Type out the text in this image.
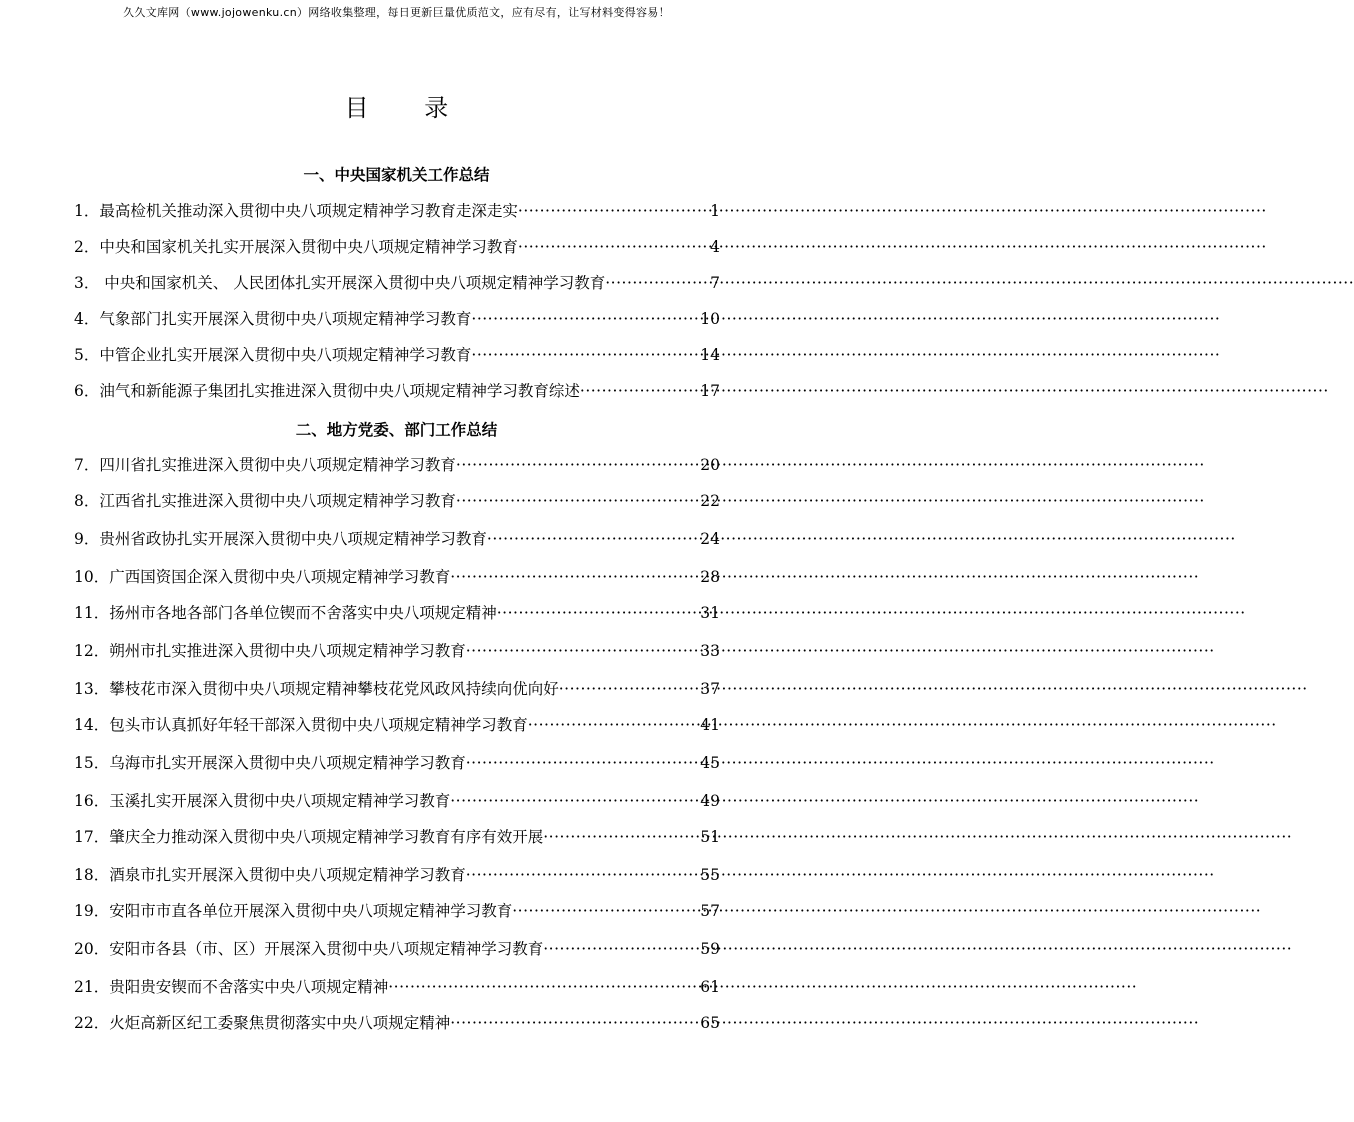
久久文库网（www.jojowenku.cn）网络收集整理，每日更新巨量优质范文，应有尽有，让写材料变得容易！
目 录
一、中央国家机关工作总结
1． 最高检机关推动深入贯彻中央八项规定精神学习教育走深走实 ·····	1
2． 中央和国家机关扎实开展深入贯彻中央八项规定精神学习教育 ·····	4
3． 中央和国家机关、 人民团体扎实开展深入贯彻中央八项规定精神学习教育 ·····	7
4． 气象部门扎实开展深入贯彻中央八项规定精神学习教育 ·····	10
5． 中管企业扎实开展深入贯彻中央八项规定精神学习教育 ·····	14
6． 油气和新能源子集团扎实推进深入贯彻中央八项规定精神学习教育综述 ·····	17
二、地方党委、部门工作总结
7． 四川省扎实推进深入贯彻中央八项规定精神学习教育 ·····	20
8． 江西省扎实推进深入贯彻中央八项规定精神学习教育 ·····	22
9． 贵州省政协扎实开展深入贯彻中央八项规定精神学习教育 ·····	24
10． 广西国资国企深入贯彻中央八项规定精神学习教育 ·····	28
11． 扬州市各地各部门各单位锲而不舍落实中央八项规定精神 ·····	31
12． 朔州市扎实推进深入贯彻中央八项规定精神学习教育 ·····	33
13． 攀枝花市深入贯彻中央八项规定精神攀枝花党风政风持续向优向好 ·····	37
14． 包头市认真抓好年轻干部深入贯彻中央八项规定精神学习教育 ·····	41
15． 乌海市扎实开展深入贯彻中央八项规定精神学习教育 ·····	45
16． 玉溪扎实开展深入贯彻中央八项规定精神学习教育 ·····	49
17． 肇庆全力推动深入贯彻中央八项规定精神学习教育有序有效开展 ·····	51
18． 酒泉市扎实开展深入贯彻中央八项规定精神学习教育 ·····	55
19． 安阳市市直各单位开展深入贯彻中央八项规定精神学习教育 ·····	57
20． 安阳市各县（市、区）开展深入贯彻中央八项规定精神学习教育 ·····	59
21． 贵阳贵安锲而不舍落实中央八项规定精神 ·····	61
22． 火炬高新区纪工委聚焦贯彻落实中央八项规定精神 ·····	65
